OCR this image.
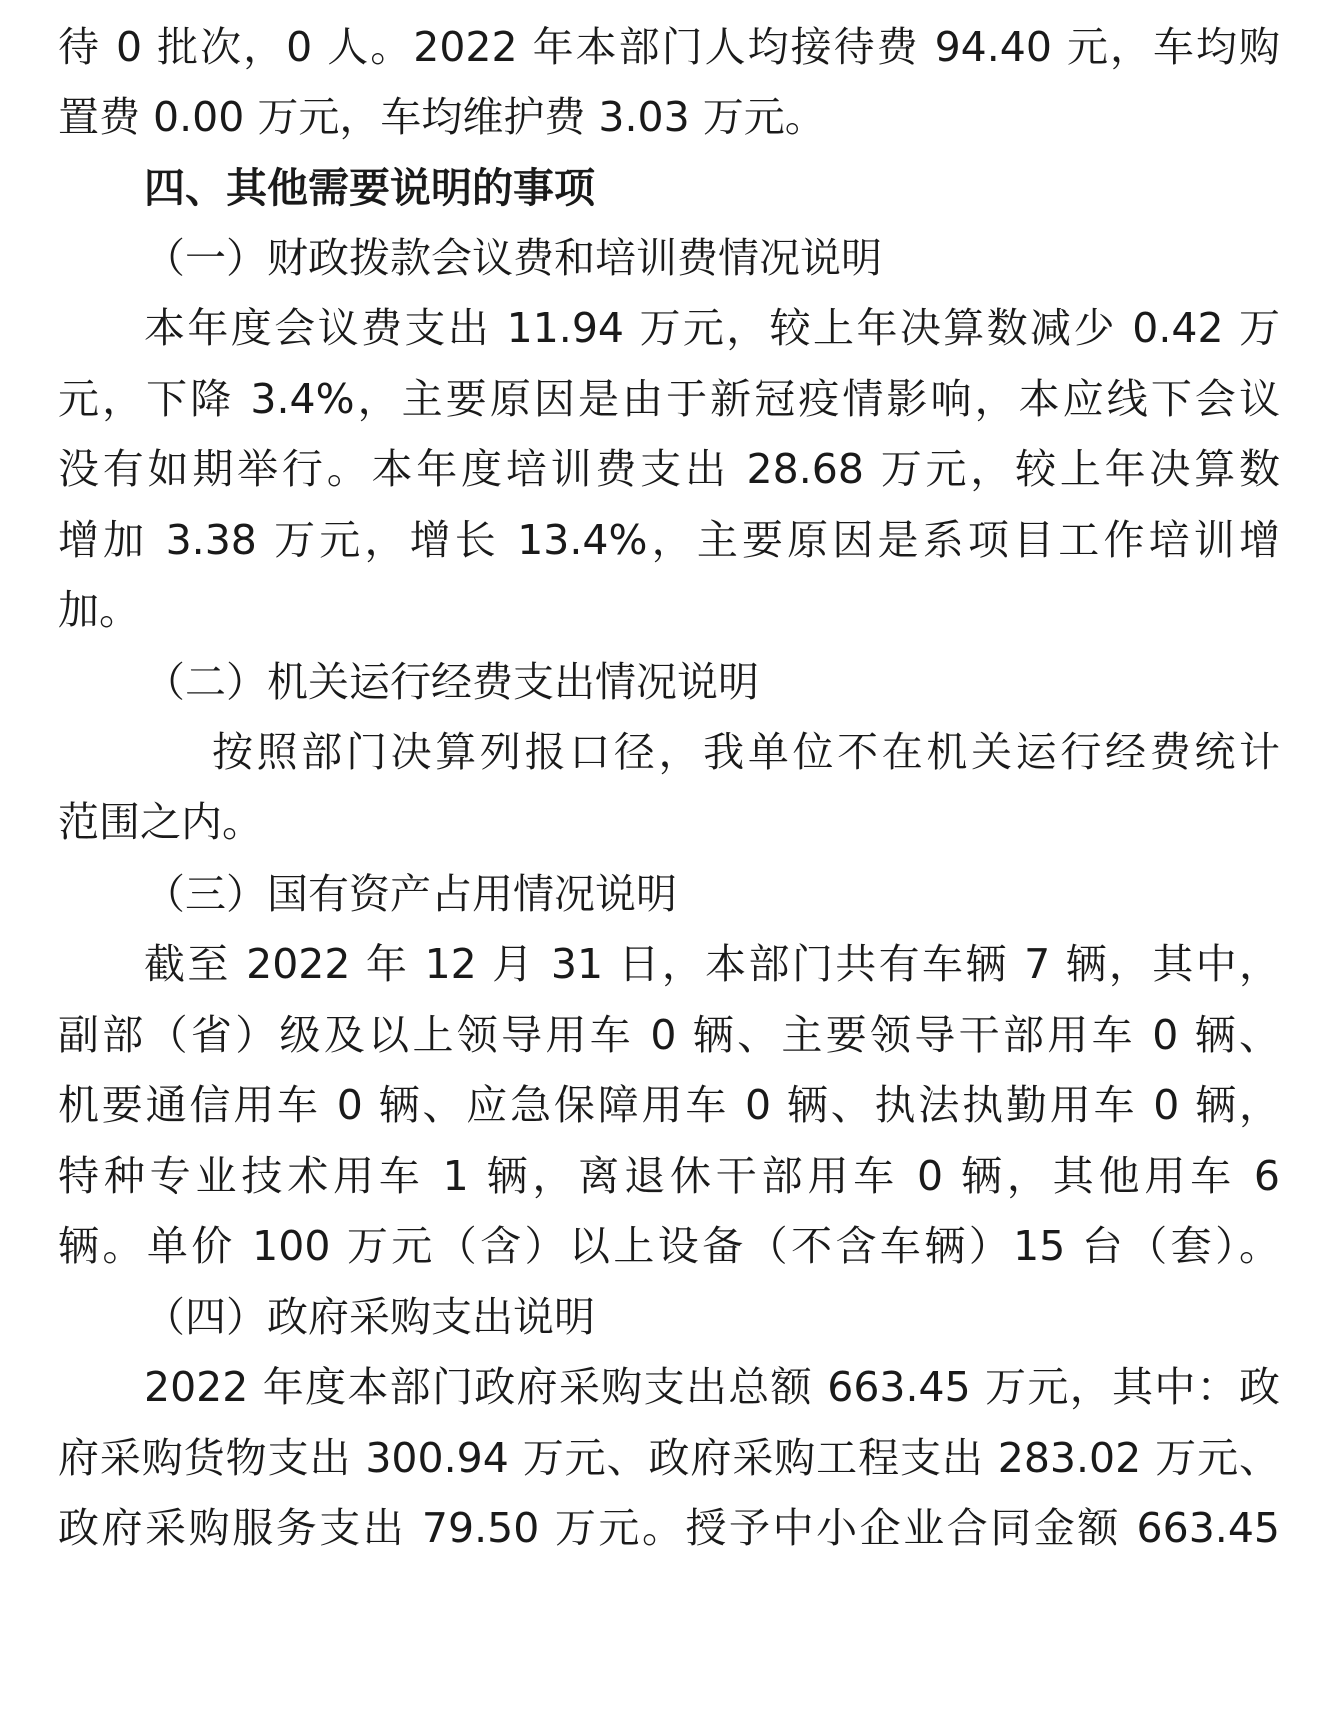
待 0 批次，0 人。2022 年本部门人均接待费 94.40 元，车均购
置费 0.00 万元，车均维护费 3.03 万元。
四、其他需要说明的事项
（一）财政拨款会议费和培训费情况说明
本年度会议费支出 11.94 万元，较上年决算数减少 0.42 万
元，下降 3.4%，主要原因是由于新冠疫情影响，本应线下会议
没有如期举行。本年度培训费支出 28.68 万元，较上年决算数
增加 3.38 万元，增长 13.4%，主要原因是系项目工作培训增
加。
（二）机关运行经费支出情况说明
按照部门决算列报口径，我单位不在机关运行经费统计
范围之内。
（三）国有资产占用情况说明
截至 2022 年 12 月 31 日，本部门共有车辆 7 辆，其中，
副部（省）级及以上领导用车 0 辆、主要领导干部用车 0 辆、
机要通信用车 0 辆、应急保障用车 0 辆、执法执勤用车 0 辆，
特种专业技术用车 1 辆，离退休干部用车 0 辆，其他用车 6
辆。单价 100 万元（含）以上设备（不含车辆）15 台（套）。
（四）政府采购支出说明
2022 年度本部门政府采购支出总额 663.45 万元，其中：政
府采购货物支出 300.94 万元、政府采购工程支出 283.02 万元、
政府采购服务支出 79.50 万元。授予中小企业合同金额 663.45
